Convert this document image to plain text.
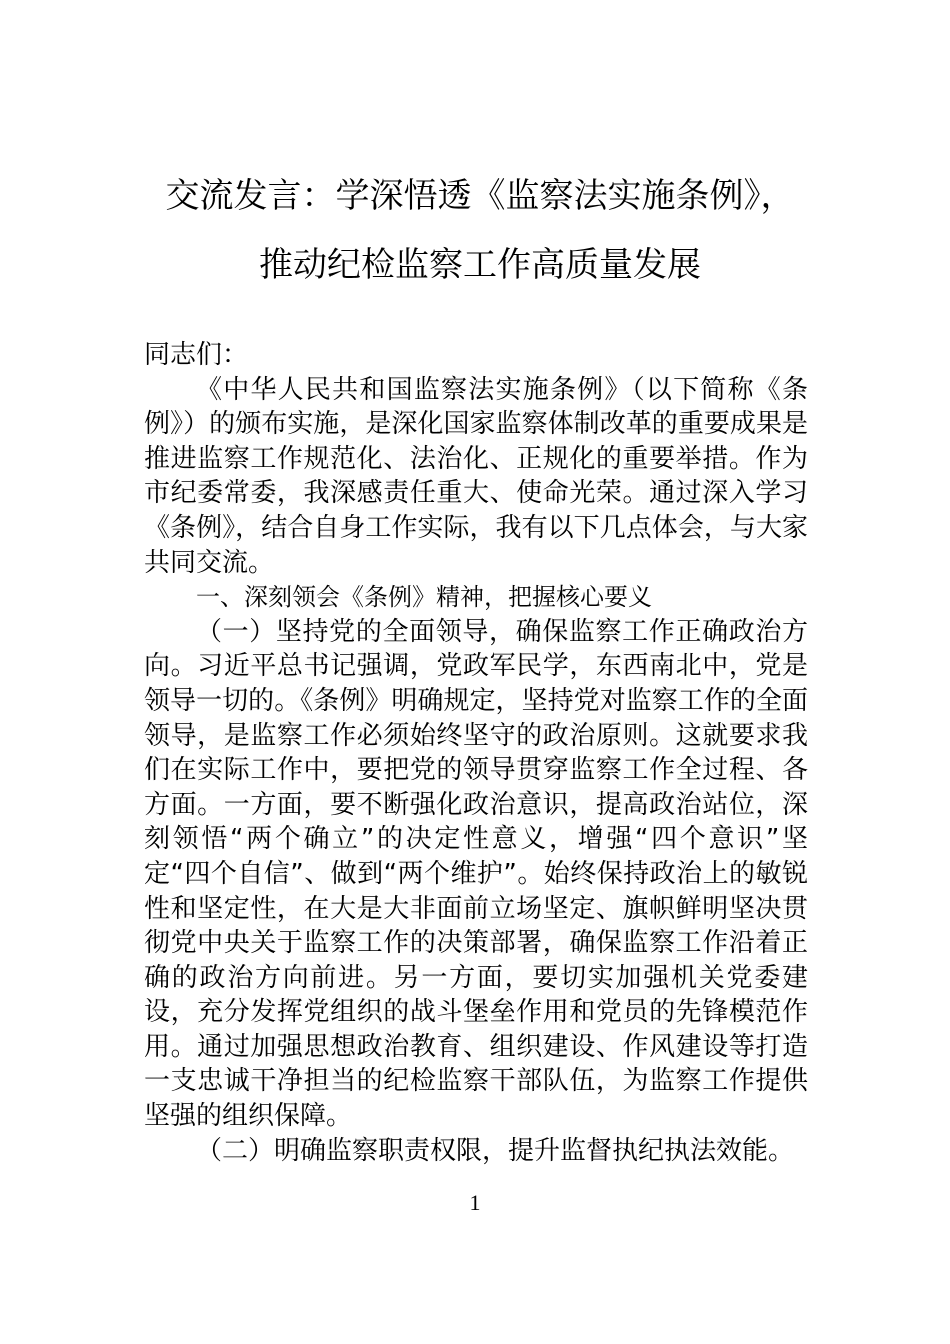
交流发言：学深悟透《监察法实施条例》，
推动纪检监察工作高质量发展

同志们：

《中华人民共和国监察法实施条例》（以下简称《条例》）的颁布实施，是深化国家监察体制改革的重要成果是推进监察工作规范化、法治化、正规化的重要举措。作为市纪委常委，我深感责任重大、使命光荣。通过深入学习《条例》，结合自身工作实际，我有以下几点体会，与大家共同交流。

一、深刻领会《条例》精神，把握核心要义

（一）坚持党的全面领导，确保监察工作正确政治方向。习近平总书记强调，党政军民学，东西南北中，党是领导一切的。《条例》明确规定，坚持党对监察工作的全面领导，是监察工作必须始终坚守的政治原则。这就要求我们在实际工作中，要把党的领导贯穿监察工作全过程、各方面。一方面，要不断强化政治意识，提高政治站位，深刻领悟“两个确立”的决定性意义，增强“四个意识”坚定“四个自信”、做到“两个维护”。始终保持政治上的敏锐性和坚定性，在大是大非面前立场坚定、旗帜鲜明坚决贯彻党中央关于监察工作的决策部署，确保监察工作沿着正确的政治方向前进。另一方面，要切实加强机关党委建设，充分发挥党组织的战斗堡垒作用和党员的先锋模范作用。通过加强思想政治教育、组织建设、作风建设等打造一支忠诚干净担当的纪检监察干部队伍，为监察工作提供坚强的组织保障。

（二）明确监察职责权限，提升监督执纪执法效能。

1
